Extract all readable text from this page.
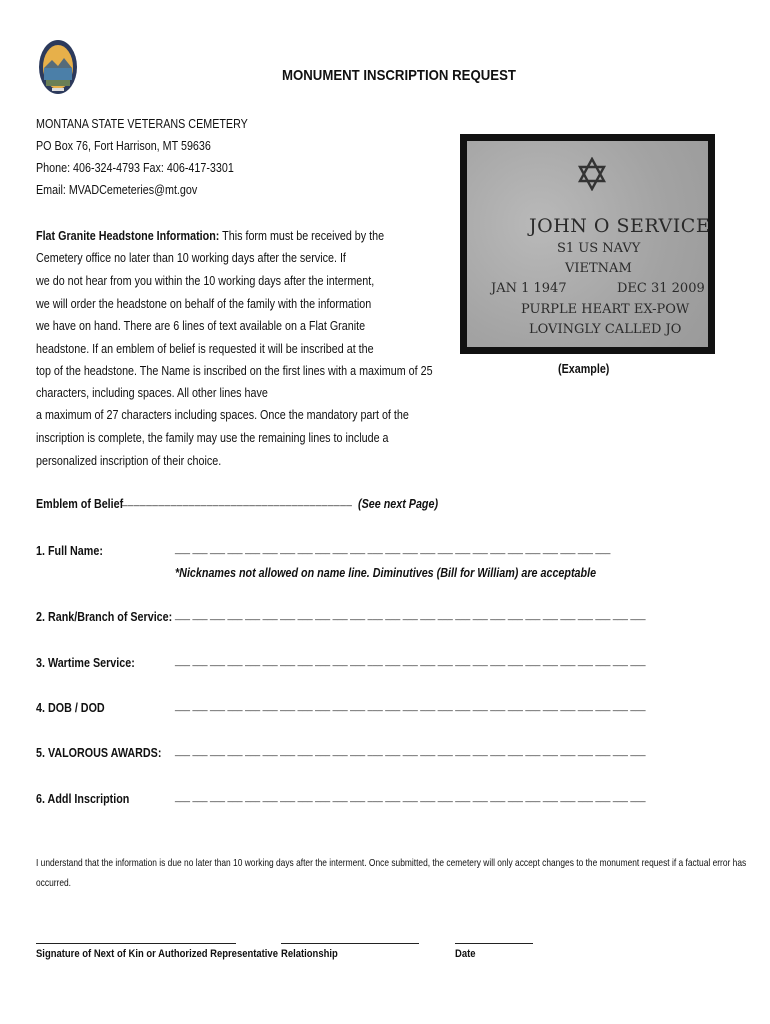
MONUMENT INSCRIPTION REQUEST
MONTANA STATE VETERANS CEMETERY
PO Box 76, Fort Harrison, MT 59636
Phone: 406-324-4793 Fax: 406-417-3301
Email: MVADCemeteries@mt.gov
Flat Granite Headstone Information: This form must be received by the
Cemetery office no later than 10 working days after the service. If
we do not hear from you within the 10 working days after the interment,
we will order the headstone on behalf of the family with the information
we have on hand. There are 6 lines of text available on a Flat Granite
headstone. If an emblem of belief is requested it will be inscribed at the
top of the headstone. The Name is inscribed on the first lines with a maximum of 25
characters, including spaces. All other lines have
a maximum of 27 characters including spaces. Once the mandatory part of the
inscription is complete, the family may use the remaining lines to include a
personalized inscription of their choice.
JOHN O SERVICE
S1 US NAVY
VIETNAM
JAN 1 1947	DEC 31 2009
PURPLE HEART EX-POW
LOVINGLY CALLED JO
(Example)
Emblem of Belief
______________________________________ (See next Page)
1. Full Name:	___ ___ ___ ___ ___ ___ ___ ___ ___ ___ ___ ___ ___ ___ ___ ___ ___ ___ ___ ___ ___ ___ ___ ___ ___
*Nicknames not allowed on name line. Diminutives (Bill for William) are acceptable
2. Rank/Branch of Service: ___ ___ ___ ___ ___ ___ ___ ___ ___ ___ ___ ___ ___ ___ ___ ___ ___ ___ ___ ___ ___ ___ ___ ___ ___ ___ ___
3. Wartime Service:	___ ___ ___ ___ ___ ___ ___ ___ ___ ___ ___ ___ ___ ___ ___ ___ ___ ___ ___ ___ ___ ___ ___ ___ ___ ___ ___
4. DOB / DOD	___ ___ ___ ___ ___ ___ ___ ___ ___ ___ ___ ___ ___ ___ ___ ___ ___ ___ ___ ___ ___ ___ ___ ___ ___ ___ ___
5. VALOROUS AWARDS: ___ ___ ___ ___ ___ ___ ___ ___ ___ ___ ___ ___ ___ ___ ___ ___ ___ ___ ___ ___ ___ ___ ___ ___ ___ ___ ___
6. Addl Inscription	___ ___ ___ ___ ___ ___ ___ ___ ___ ___ ___ ___ ___ ___ ___ ___ ___ ___ ___ ___ ___ ___ ___ ___ ___ ___ ___
I understand that the information is due no later than 10 working days after the interment. Once submitted, the cemetery will only accept changes to the monument request if a factual error has
occurred.
Signature of Next of Kin or Authorized Representative Relationship	Date
